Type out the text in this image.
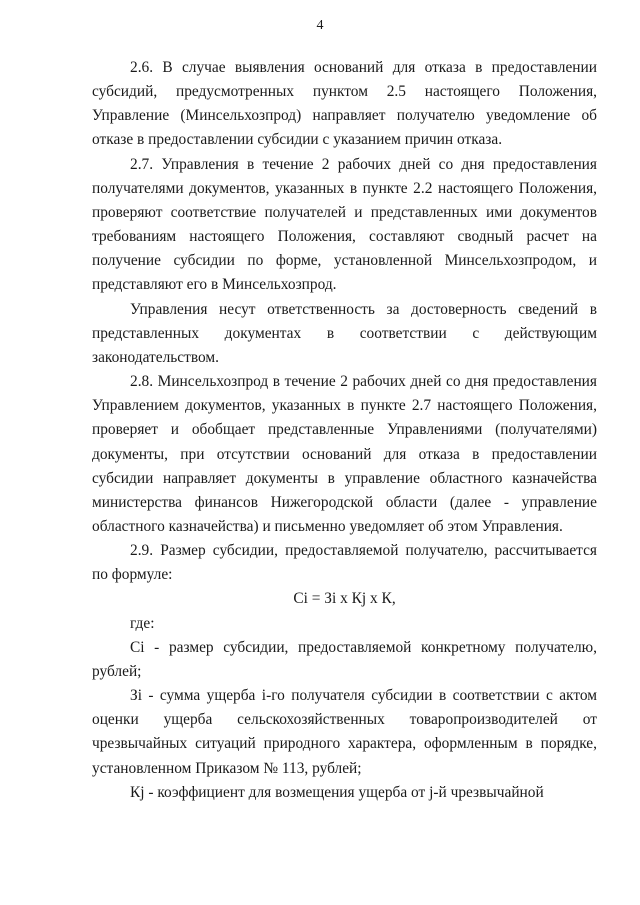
4

2.6. В случае выявления оснований для отказа в предоставлении субсидий, предусмотренных пунктом 2.5 настоящего Положения, Управление (Минсельхозпрод) направляет получателю уведомление об отказе в предоставлении субсидии с указанием причин отказа.

2.7. Управления в течение 2 рабочих дней со дня предоставления получателями документов, указанных в пункте 2.2 настоящего Положения, проверяют соответствие получателей и представленных ими документов требованиям настоящего Положения, составляют сводный расчет на получение субсидии по форме, установленной Минсельхозпродом, и представляют его в Минсельхозпрод.

Управления несут ответственность за достоверность сведений в представленных документах в соответствии с действующим законодательством.

2.8. Минсельхозпрод в течение 2 рабочих дней со дня предоставления Управлением документов, указанных в пункте 2.7 настоящего Положения, проверяет и обобщает представленные Управлениями (получателями) документы, при отсутствии оснований для отказа в предоставлении субсидии направляет документы в управление областного казначейства министерства финансов Нижегородской области (далее - управление областного казначейства) и письменно уведомляет об этом Управления.

2.9. Размер субсидии, предоставляемой получателю, рассчитывается по формуле:

Ci = Зi x Кj x К,

где:

Ci - размер субсидии, предоставляемой конкретному получателю, рублей;

Зi - сумма ущерба i-го получателя субсидии в соответствии с актом оценки ущерба сельскохозяйственных товаропроизводителей от чрезвычайных ситуаций природного характера, оформленным в порядке, установленном Приказом № 113, рублей;

Кj - коэффициент для возмещения ущерба от j-й чрезвычайной
